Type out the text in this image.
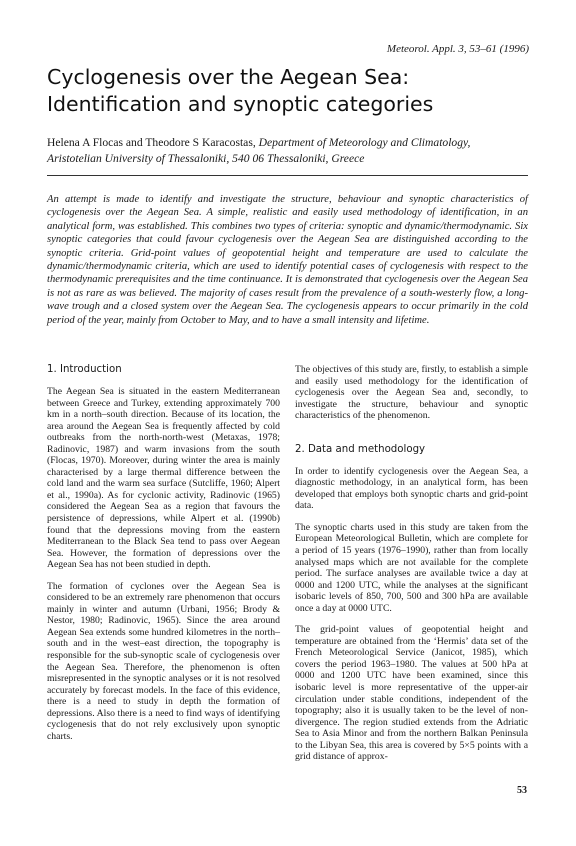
Meteorol. Appl. 3, 53–61 (1996)
Cyclogenesis over the Aegean Sea: Identification and synoptic categories
Helena A Flocas and Theodore S Karacostas, Department of Meteorology and Climatology, Aristotelian University of Thessaloniki, 540 06 Thessaloniki, Greece

An attempt is made to identify and investigate the structure, behaviour and synoptic characteristics of cyclogenesis over the Aegean Sea. A simple, realistic and easily used methodology of identification, in an analytical form, was established. This combines two types of criteria: synoptic and dynamic/thermodynamic. Six synoptic categories that could favour cyclogenesis over the Aegean Sea are distinguished according to the synoptic criteria. Grid-point values of geopotential height and temperature are used to calculate the dynamic/thermodynamic criteria, which are used to identify potential cases of cyclogenesis with respect to the thermodynamic prerequisites and the time continuance. It is demonstrated that cyclogenesis over the Aegean Sea is not as rare as was believed. The majority of cases result from the prevalence of a south-westerly flow, a long-wave trough and a closed system over the Aegean Sea. The cyclogenesis appears to occur primarily in the cold period of the year, mainly from October to May, and to have a small intensity and lifetime.

1. Introduction

The Aegean Sea is situated in the eastern Mediterranean between Greece and Turkey, extending approximately 700 km in a north–south direction. Because of its location, the area around the Aegean Sea is frequently affected by cold outbreaks from the north-north-west (Metaxas, 1978; Radinovic, 1987) and warm invasions from the south (Flocas, 1970). Moreover, during winter the area is mainly characterised by a large thermal difference between the cold land and the warm sea surface (Sutcliffe, 1960; Alpert et al., 1990a). As for cyclonic activity, Radinovic (1965) considered the Aegean Sea as a region that favours the persistence of depressions, while Alpert et al. (1990b) found that the depressions moving from the eastern Mediterranean to the Black Sea tend to pass over Aegean Sea. However, the formation of depressions over the Aegean Sea has not been studied in depth.

The formation of cyclones over the Aegean Sea is considered to be an extremely rare phenomenon that occurs mainly in winter and autumn (Urbani, 1956; Brody & Nestor, 1980; Radinovic, 1965). Since the area around Aegean Sea extends some hundred kilometres in the north–south and in the west–east direction, the topography is responsible for the sub-synoptic scale of cyclogenesis over the Aegean Sea. Therefore, the phenomenon is often misrepresented in the synoptic analyses or it is not resolved accurately by forecast models. In the face of this evidence, there is a need to study in depth the formation of depressions. Also there is a need to find ways of identifying cyclogenesis that do not rely exclusively upon synoptic charts.

The objectives of this study are, firstly, to establish a simple and easily used methodology for the identification of cyclogenesis over the Aegean Sea and, secondly, to investigate the structure, behaviour and synoptic characteristics of the phenomenon.

2. Data and methodology

In order to identify cyclogenesis over the Aegean Sea, a diagnostic methodology, in an analytical form, has been developed that employs both synoptic charts and grid-point data.

The synoptic charts used in this study are taken from the European Meteorological Bulletin, which are complete for a period of 15 years (1976–1990), rather than from locally analysed maps which are not available for the complete period. The surface analyses are available twice a day at 0000 and 1200 UTC, while the analyses at the significant isobaric levels of 850, 700, 500 and 300 hPa are available once a day at 0000 UTC.

The grid-point values of geopotential height and temperature are obtained from the ‘Hermis’ data set of the French Meteorological Service (Janicot, 1985), which covers the period 1963–1980. The values at 500 hPa at 0000 and 1200 UTC have been examined, since this isobaric level is more representative of the upper-air circulation under stable conditions, independent of the topography; also it is usually taken to be the level of non-divergence. The region studied extends from the Adriatic Sea to Asia Minor and from the northern Balkan Peninsula to the Libyan Sea, this area is covered by 5×5 points with a grid distance of approx-

53
